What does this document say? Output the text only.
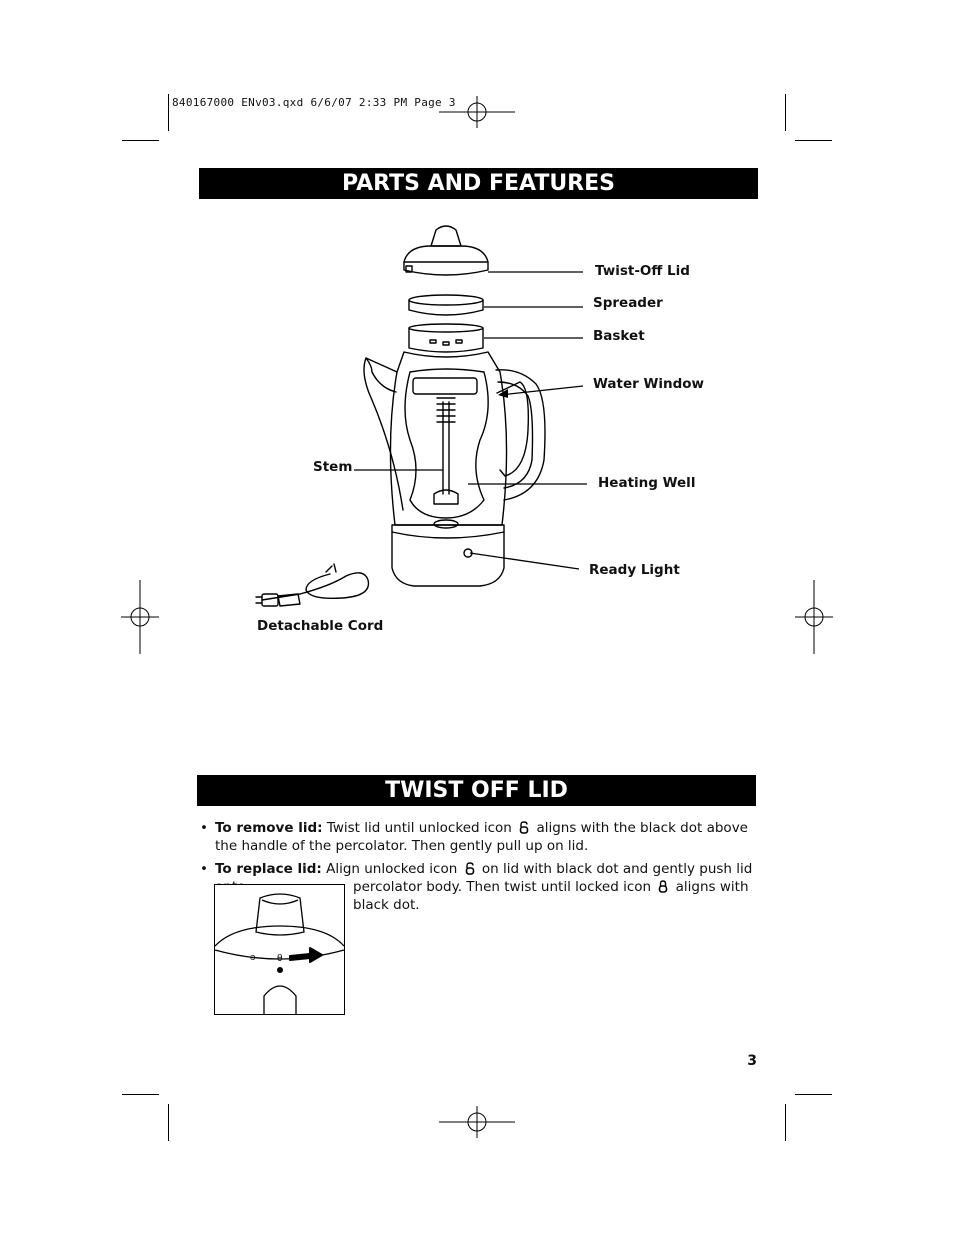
840167000 ENv03.qxd 6/6/07 2:33 PM Page 3
PARTS AND FEATURES
TWIST OFF LID
Twist-Off Lid
Spreader
Basket
Water Window
Stem
Heating Well
Ready Light
Detachable Cord
• To remove lid: Twist lid until unlocked icon aligns with the black dot above the handle of the percolator. Then gently pull up on lid.
• To replace lid: Align unlocked icon on lid with black dot and gently push lid
percolator body. Then twist until locked icon aligns with black dot.
ə θ
3
